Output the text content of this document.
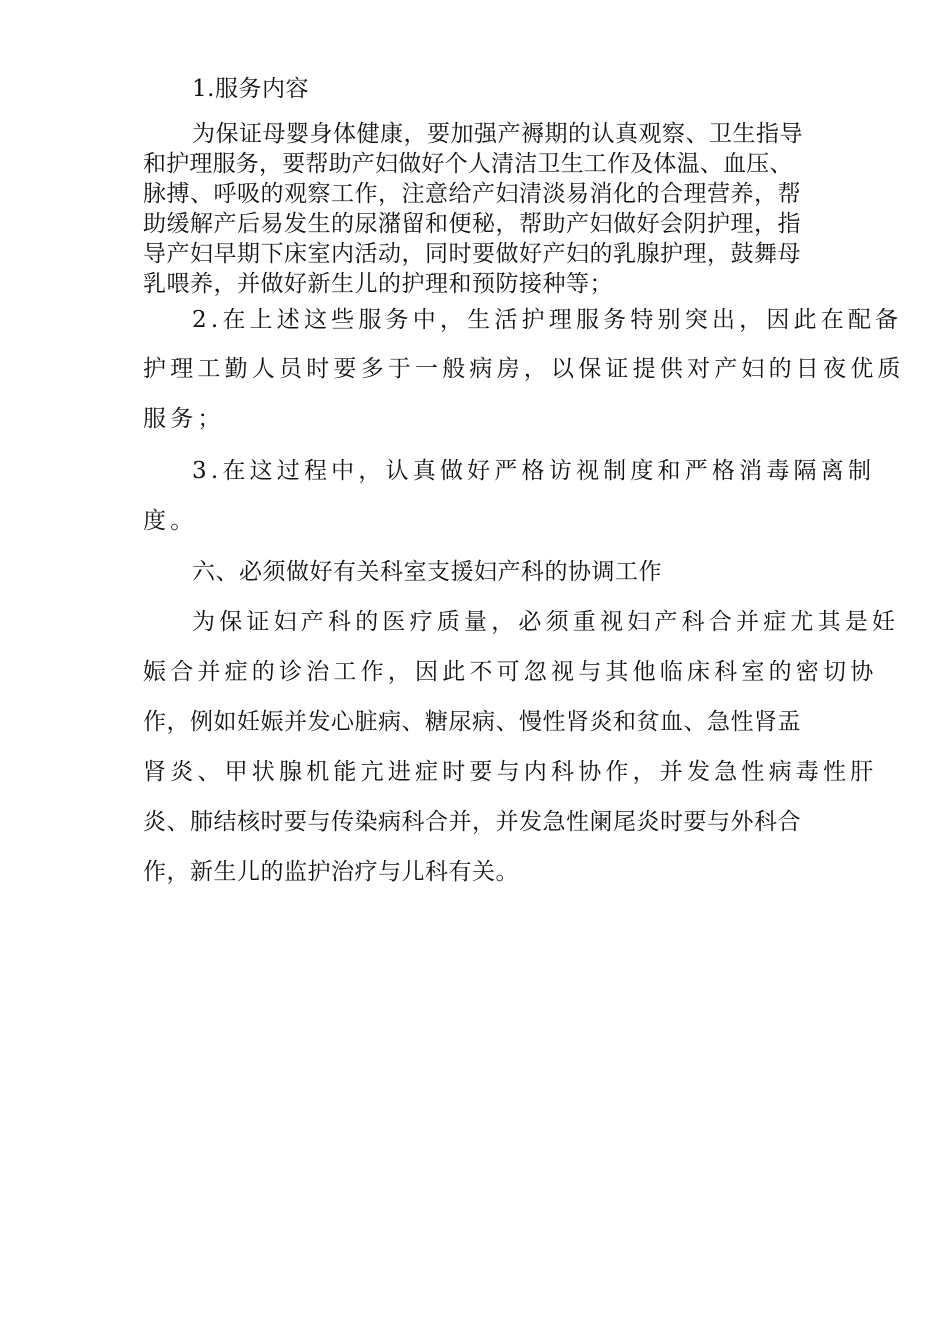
1.服务内容

为保证母婴身体健康，要加强产褥期的认真观察、卫生指导

和护理服务，要帮助产妇做好个人清洁卫生工作及体温、血压、

脉搏、呼吸的观察工作，注意给产妇清淡易消化的合理营养，帮

助缓解产后易发生的尿潴留和便秘，帮助产妇做好会阴护理，指

导产妇早期下床室内活动，同时要做好产妇的乳腺护理，鼓舞母

乳喂养，并做好新生儿的护理和预防接种等；

2.在上述这些服务中，生活护理服务特别突出，因此在配备

护理工勤人员时要多于一般病房，以保证提供对产妇的日夜优质

服务；

3.在这过程中，认真做好严格访视制度和严格消毒隔离制

度。

六、必须做好有关科室支援妇产科的协调工作

为保证妇产科的医疗质量，必须重视妇产科合并症尤其是妊

娠合并症的诊治工作，因此不可忽视与其他临床科室的密切协

作，例如妊娠并发心脏病、糖尿病、慢性肾炎和贫血、急性肾盂

肾炎、甲状腺机能亢进症时要与内科协作，并发急性病毒性肝

炎、肺结核时要与传染病科合并，并发急性阑尾炎时要与外科合

作，新生儿的监护治疗与儿科有关。
